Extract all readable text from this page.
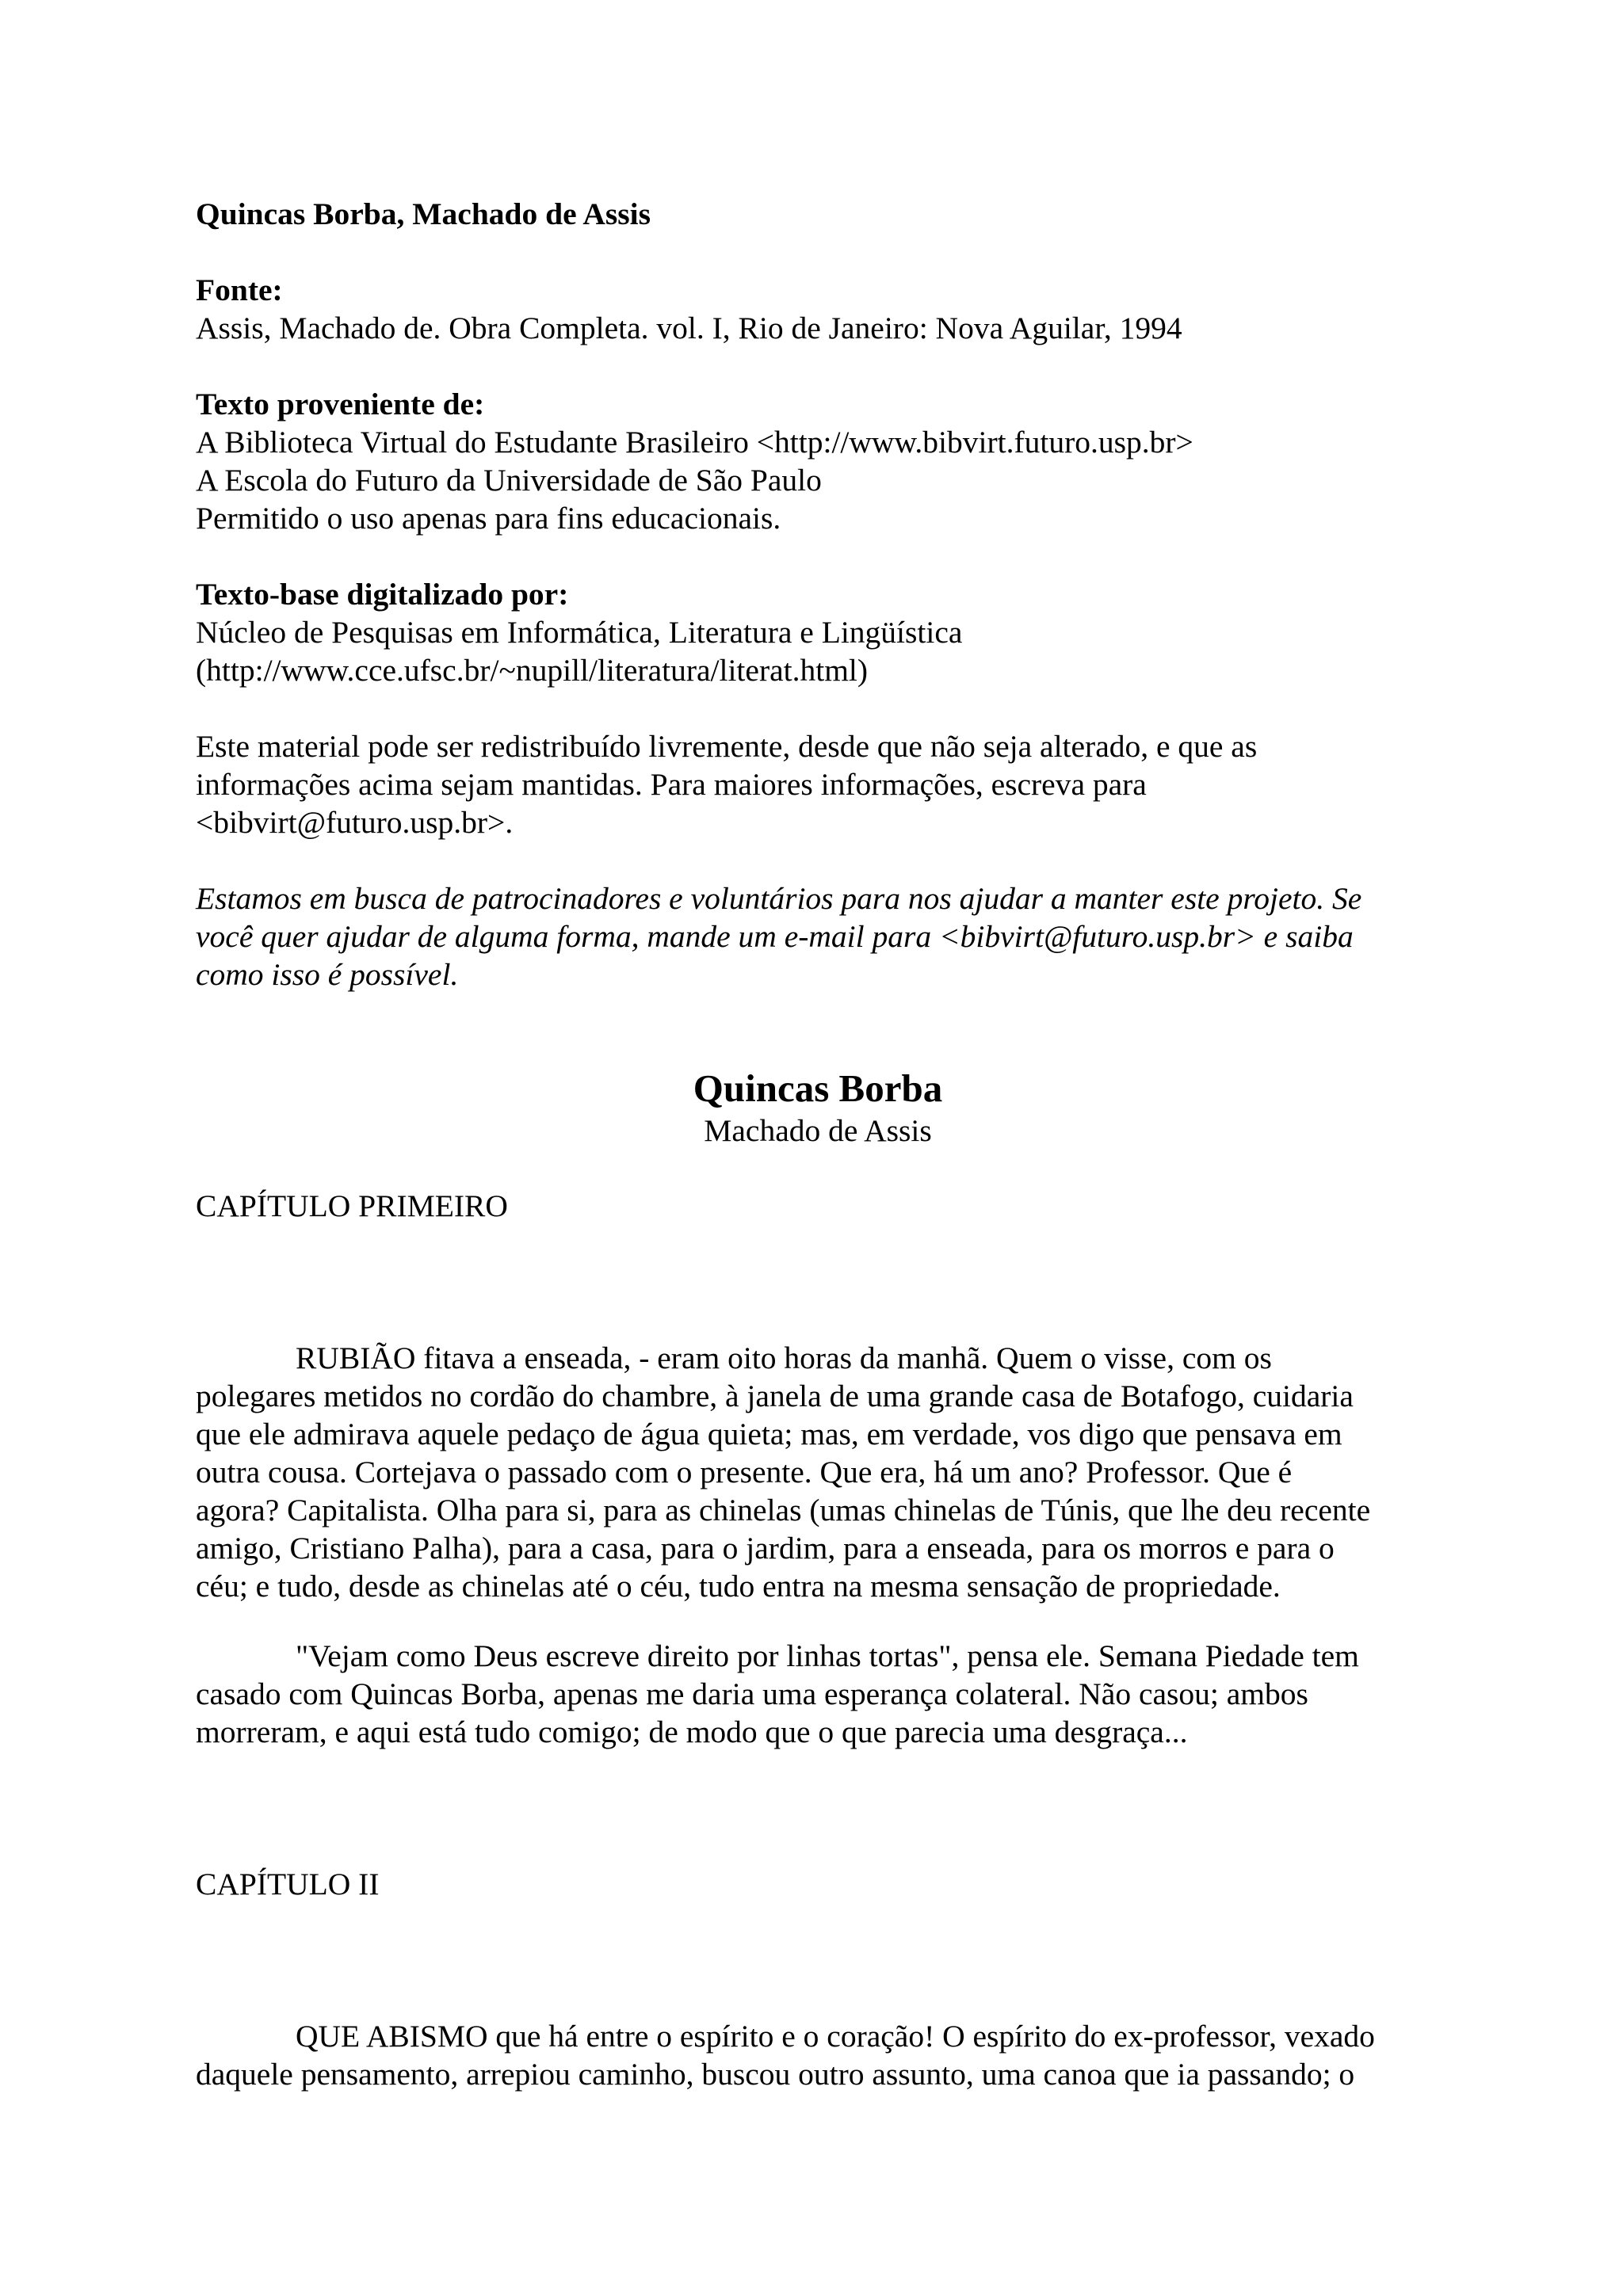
Quincas Borba, Machado de Assis
Fonte:
Assis, Machado de. Obra Completa. vol. I, Rio de Janeiro: Nova Aguilar, 1994
Texto proveniente de:
A Biblioteca Virtual do Estudante Brasileiro <http://www.bibvirt.futuro.usp.br>
A Escola do Futuro da Universidade de São Paulo
Permitido o uso apenas para fins educacionais.
Texto-base digitalizado por:
Núcleo de Pesquisas em Informática, Literatura e Lingüística
(http://www.cce.ufsc.br/~nupill/literatura/literat.html)
Este material pode ser redistribuído livremente, desde que não seja alterado, e que as
informações acima sejam mantidas. Para maiores informações, escreva para
<bibvirt@futuro.usp.br>.
Estamos em busca de patrocinadores e voluntários para nos ajudar a manter este projeto. Se
você quer ajudar de alguma forma, mande um e-mail para <bibvirt@futuro.usp.br> e saiba
como isso é possível.
Quincas Borba
Machado de Assis
CAPÍTULO PRIMEIRO
RUBIÃO fitava a enseada, - eram oito horas da manhã. Quem o visse, com os
polegares metidos no cordão do chambre, à janela de uma grande casa de Botafogo, cuidaria
que ele admirava aquele pedaço de água quieta; mas, em verdade, vos digo que pensava em
outra cousa. Cortejava o passado com o presente. Que era, há um ano? Professor. Que é
agora? Capitalista. Olha para si, para as chinelas (umas chinelas de Túnis, que lhe deu recente
amigo, Cristiano Palha), para a casa, para o jardim, para a enseada, para os morros e para o
céu; e tudo, desde as chinelas até o céu, tudo entra na mesma sensação de propriedade.
"Vejam como Deus escreve direito por linhas tortas", pensa ele. Semana Piedade tem
casado com Quincas Borba, apenas me daria uma esperança colateral. Não casou; ambos
morreram, e aqui está tudo comigo; de modo que o que parecia uma desgraça...
CAPÍTULO II
QUE ABISMO que há entre o espírito e o coração! O espírito do ex-professor, vexado
daquele pensamento, arrepiou caminho, buscou outro assunto, uma canoa que ia passando; o
